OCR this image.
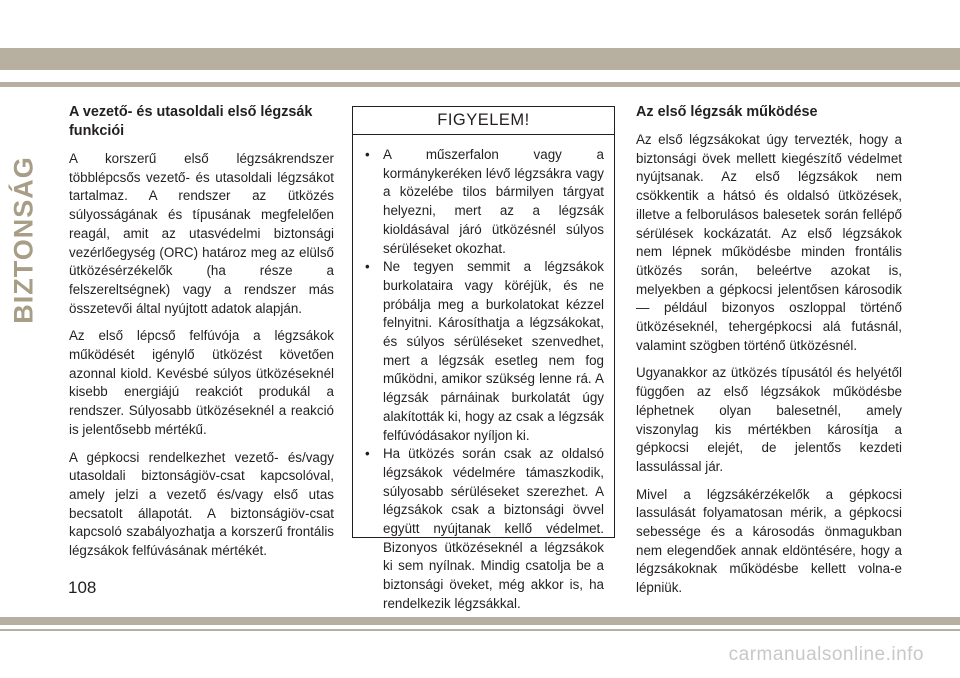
BIZTONSÁG
A vezető- és utasoldali első légzsák funkciói

A korszerű első légzsákrendszer többlépcsős vezető- és utasoldali légzsákot tartalmaz. A rendszer az ütközés súlyosságának és típusának megfelelően reagál, amit az utasvédelmi biztonsági vezérlőegység (ORC) határoz meg az elülső ütközésérzékelők (ha része a felszereltségnek) vagy a rendszer más összetevői által nyújtott adatok alapján.

Az első lépcső felfúvója a légzsákok működését igénylő ütközést követően azonnal kiold. Kevésbé súlyos ütközéseknél kisebb energiájú reakciót produkál a rendszer. Súlyosabb ütközéseknél a reakció is jelentősebb mértékű.

A gépkocsi rendelkezhet vezető- és/vagy utasoldali biztonságiöv-csat kapcsolóval, amely jelzi a vezető és/vagy első utas becsatolt állapotát. A biztonságiöv-csat kapcsoló szabályozhatja a korszerű frontális légzsákok felfúvásának mértékét.

FIGYELEM!
• A műszerfalon vagy a kormánykeréken lévő légzsákra vagy a közelébe tilos bármilyen tárgyat helyezni, mert az a légzsák kioldásával járó ütközésnél súlyos sérüléseket okozhat.
• Ne tegyen semmit a légzsákok burkolataira vagy köréjük, és ne próbálja meg a burkolatokat kézzel felnyitni. Károsíthatja a légzsákokat, és súlyos sérüléseket szenvedhet, mert a légzsák esetleg nem fog működni, amikor szükség lenne rá. A légzsák párnáinak burkolatát úgy alakították ki, hogy az csak a légzsák felfúvódásakor nyíljon ki.
• Ha ütközés során csak az oldalsó légzsákok védelmére támaszkodik, súlyosabb sérüléseket szerezhet. A légzsákok csak a biztonsági övvel együtt nyújtanak kellő védelmet. Bizonyos ütközéseknél a légzsákok ki sem nyílnak. Mindig csatolja be a biztonsági öveket, még akkor is, ha rendelkezik légzsákkal.
Az első légzsák működése

Az első légzsákokat úgy tervezték, hogy a biztonsági övek mellett kiegészítő védelmet nyújtsanak. Az első légzsákok nem csökkentik a hátsó és oldalsó ütközések, illetve a felborulásos balesetek során fellépő sérülések kockázatát. Az első légzsákok nem lépnek működésbe minden frontális ütközés során, beleértve azokat is, melyekben a gépkocsi jelentősen károsodik — például bizonyos oszloppal történő ütközéseknél, tehergépkocsi alá futásnál, valamint szögben történő ütközésnél.

Ugyanakkor az ütközés típusától és helyétől függően az első légzsákok működésbe léphetnek olyan balesetnél, amely viszonylag kis mértékben károsítja a gépkocsi elejét, de jelentős kezdeti lassulással jár.

Mivel a légzsákérzékelők a gépkocsi lassulását folyamatosan mérik, a gépkocsi sebessége és a károsodás önmagukban nem elegendőek annak eldöntésére, hogy a légzsákoknak működésbe kellett volna-e lépniük.

108
carmanualsonline.info
